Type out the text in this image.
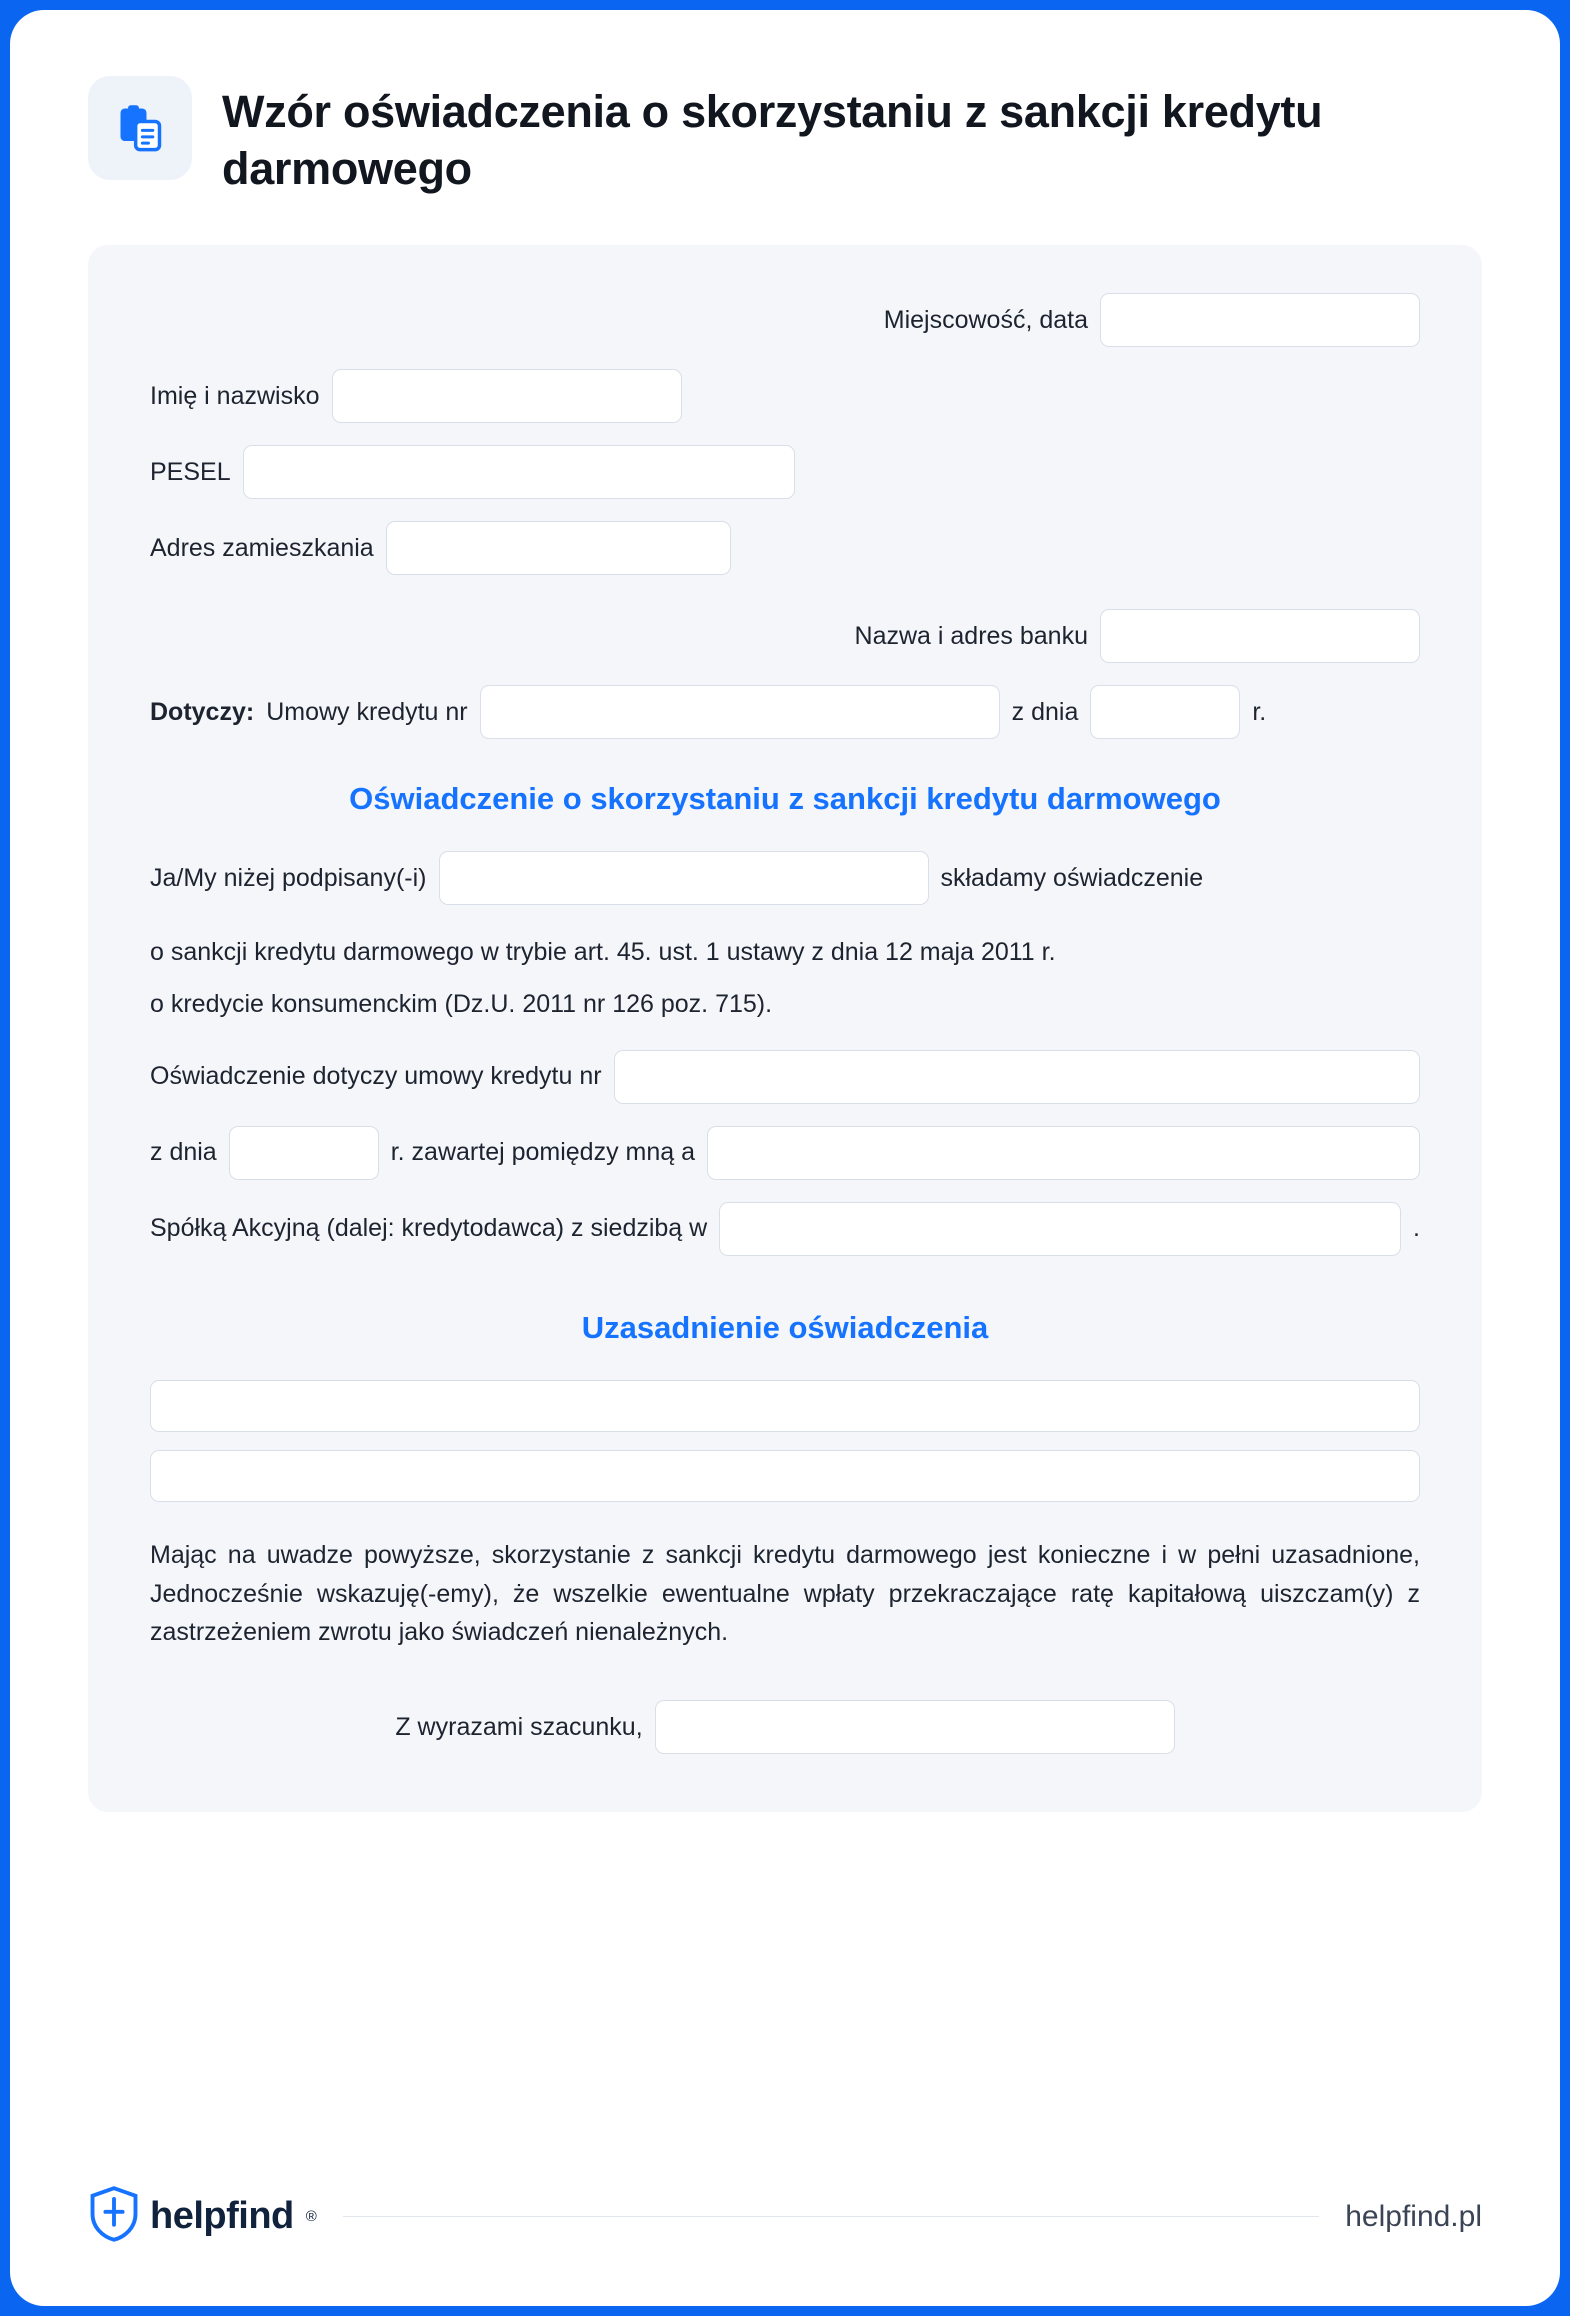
Wzór oświadczenia o skorzystaniu z sankcji kredytu darmowego
Miejscowość, data
Imię i nazwisko
PESEL
Adres zamieszkania
Nazwa i adres banku
Dotyczy: Umowy kredytu nr	z dnia	r.
Oświadczenie o skorzystaniu z sankcji kredytu darmowego
Ja/My niżej podpisany(-i)	składamy oświadczenie

o sankcji kredytu darmowego w trybie art. 45. ust. 1 ustawy z dnia 12 maja 2011 r.

o kredycie konsumenckim (Dz.U. 2011 nr 126 poz. 715).

Oświadczenie dotyczy umowy kredytu nr
z dnia	r. zawartej pomiędzy mną a
Spółką Akcyjną (dalej: kredytodawca) z siedzibą w	.
Uzasadnienie oświadczenia

Mając na uwadze powyższe, skorzystanie z sankcji kredytu darmowego jest konieczne i w pełni uzasadnione, Jednocześnie wskazuję(-emy), że wszelkie ewentualne wpłaty przekraczające ratę kapitałową uiszczam(y) z zastrzeżeniem zwrotu jako świadczeń nienależnych.

Z wyrazami szacunku,
helpfind ®	helpfind.pl
